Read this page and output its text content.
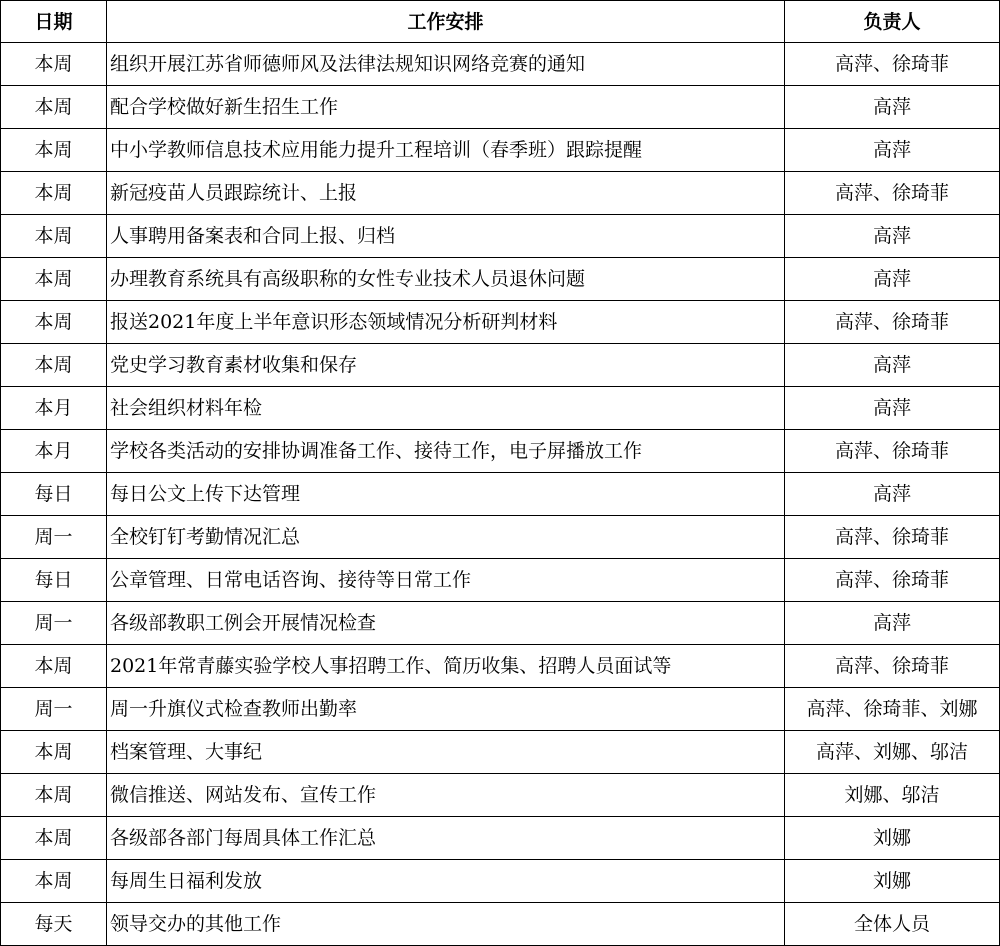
日期	工作安排	负责人
本周	组织开展江苏省师德师风及法律法规知识网络竞赛的通知	高萍、徐琦菲
本周	配合学校做好新生招生工作	高萍
本周	中小学教师信息技术应用能力提升工程培训（春季班）跟踪提醒	高萍
本周	新冠疫苗人员跟踪统计、上报	高萍、徐琦菲
本周	人事聘用备案表和合同上报、归档	高萍
本周	办理教育系统具有高级职称的女性专业技术人员退休问题	高萍
本周	报送2021年度上半年意识形态领域情况分析研判材料	高萍、徐琦菲
本周	党史学习教育素材收集和保存	高萍
本月	社会组织材料年检	高萍
本月	学校各类活动的安排协调准备工作、接待工作，电子屏播放工作	高萍、徐琦菲
每日	每日公文上传下达管理	高萍
周一	全校钉钉考勤情况汇总	高萍、徐琦菲
每日	公章管理、日常电话咨询、接待等日常工作	高萍、徐琦菲
周一	各级部教职工例会开展情况检查	高萍
本周	2021年常青藤实验学校人事招聘工作、简历收集、招聘人员面试等	高萍、徐琦菲
周一	周一升旗仪式检查教师出勤率	高萍、徐琦菲、刘娜
本周	档案管理、大事纪	高萍、刘娜、邬洁
本周	微信推送、网站发布、宣传工作	刘娜、邬洁
本周	各级部各部门每周具体工作汇总	刘娜
本周	每周生日福利发放	刘娜
每天	领导交办的其他工作	全体人员
